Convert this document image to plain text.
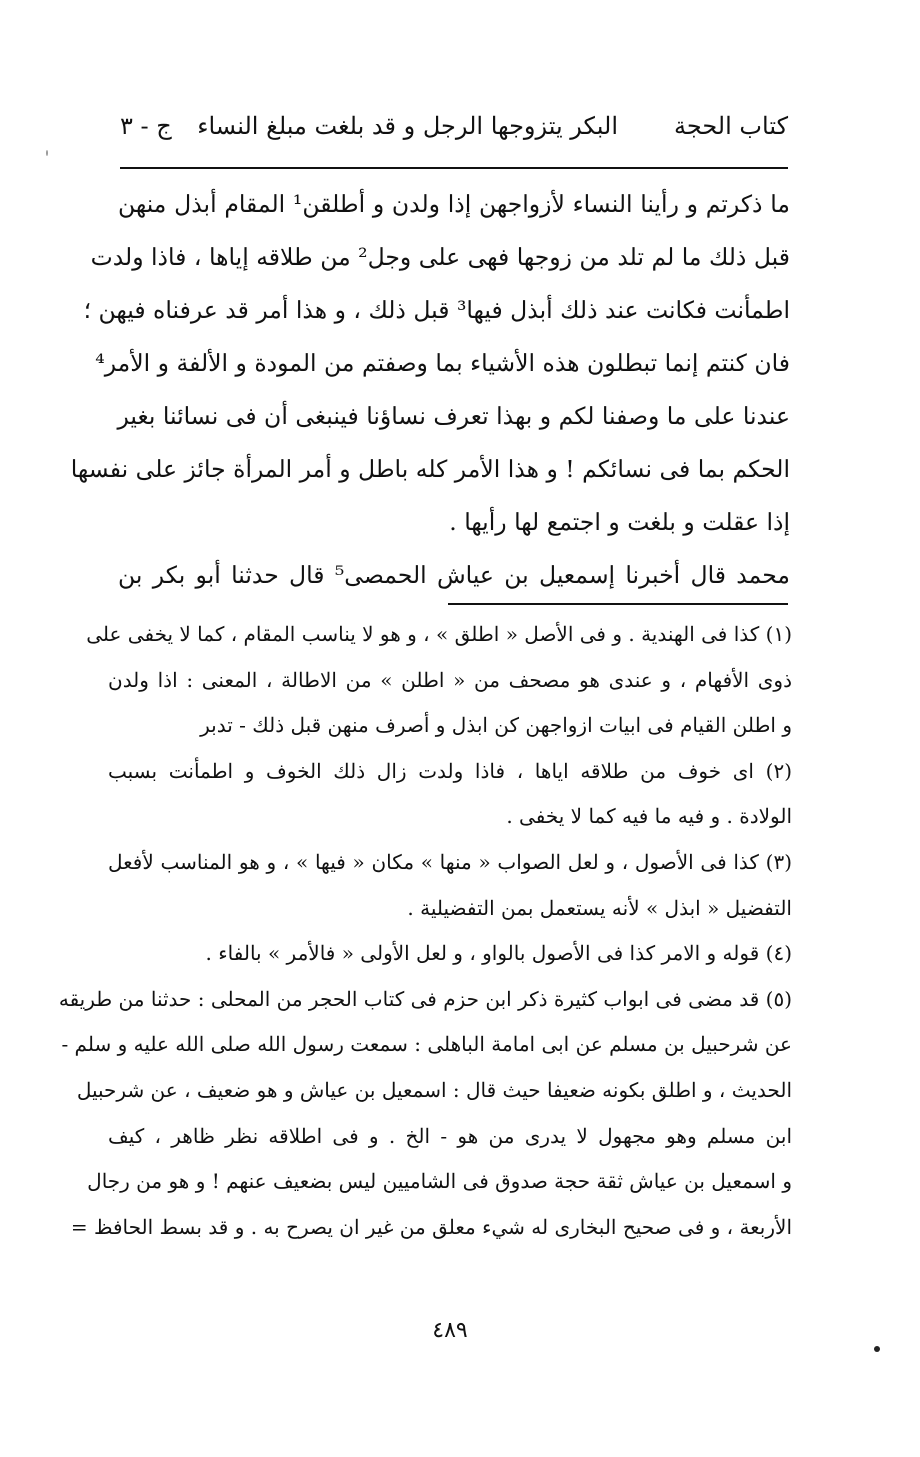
كتاب الحجة
البكر يتزوجها الرجل و قد بلغت مبلغ النساء
ج - ٣
ما ذكرتم و رأينا النساء لأزواجهن إذا ولدن و أطلقن¹ المقام أبذل منهن
قبل ذلك ما لم تلد من زوجها فهى على وجل² من طلاقه إياها ، فاذا ولدت
اطمأنت فكانت عند ذلك أبذل فيها³ قبل ذلك ، و هذا أمر قد عرفناه فيهن ؛
فان كنتم إنما تبطلون هذه الأشياء بما وصفتم من المودة و الألفة و الأمر⁴
عندنا على ما وصفنا لكم و بهذا تعرف نساؤنا فينبغى أن فى نسائنا بغير
الحكم بما فى نسائكم ! و هذا الأمر كله باطل و أمر المرأة جائز على نفسها
إذا عقلت و بلغت و اجتمع لها رأيها .
محمد قال أخبرنا إسمعيل بن عياش الحمصى⁵ قال حدثنا أبو بكر بن
(١) كذا فى الهندية . و فى الأصل « اطلق » ، و هو لا يناسب المقام ، كما لا يخفى على
ذوى الأفهام ، و عندى هو مصحف من « اطلن » من الاطالة ، المعنى : اذا ولدن
و اطلن القيام فى ابيات ازواجهن كن ابذل و أصرف منهن قبل ذلك - تدبر
(٢) اى خوف من طلاقه اياها ، فاذا ولدت زال ذلك الخوف و اطمأنت بسبب
الولادة . و فيه ما فيه كما لا يخفى .
(٣) كذا فى الأصول ، و لعل الصواب « منها » مكان « فيها » ، و هو المناسب لأفعل
التفضيل « ابذل » لأنه يستعمل بمن التفضيلية .
(٤) قوله و الامر كذا فى الأصول بالواو ، و لعل الأولى « فالأمر » بالفاء .
(٥) قد مضى فى ابواب كثيرة ذكر ابن حزم فى كتاب الحجر من المحلى : حدثنا من طريقه
عن شرحبيل بن مسلم عن ابى امامة الباهلى : سمعت رسول الله صلى الله عليه و سلم -
الحديث ، و اطلق بكونه ضعيفا حيث قال : اسمعيل بن عياش و هو ضعيف ، عن شرحبيل
ابن مسلم وهو مجهول لا يدرى من هو - الخ . و فى اطلاقه نظر ظاهر ، كيف
و اسمعيل بن عياش ثقة حجة صدوق فى الشاميين ليس بضعيف عنهم ! و هو من رجال
الأربعة ، و فى صحيح البخارى له شيء معلق من غير ان يصرح به . و قد بسط الحافظ =
٤٨٩
